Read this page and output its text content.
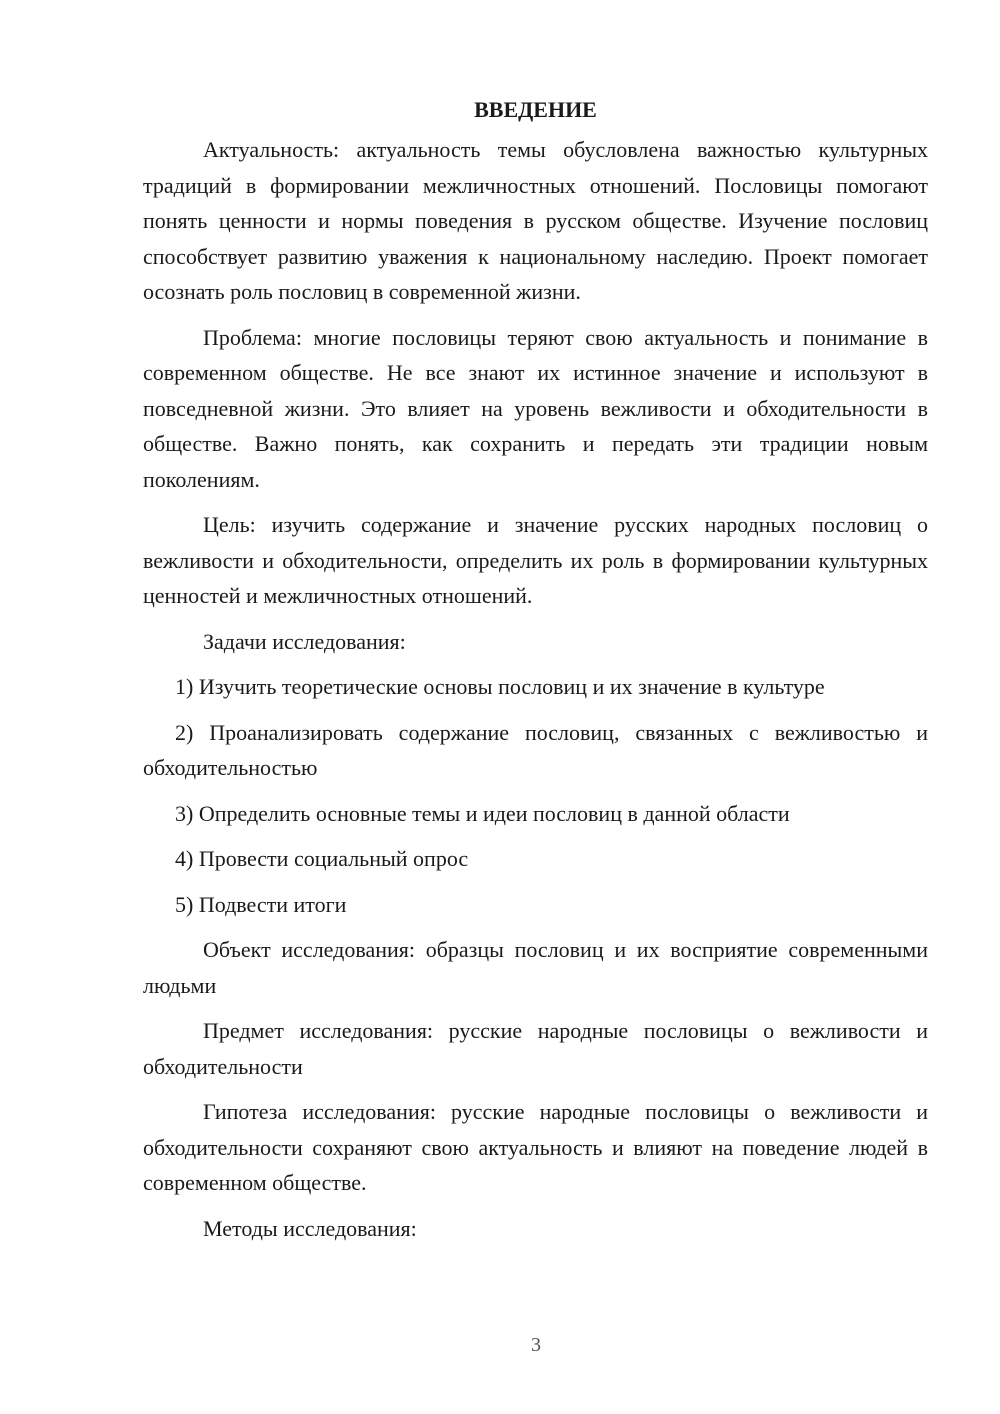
ВВЕДЕНИЕ

Актуальность: актуальность темы обусловлена важностью культурных традиций в формировании межличностных отношений. Пословицы помогают понять ценности и нормы поведения в русском обществе. Изучение пословиц способствует развитию уважения к национальному наследию. Проект помогает осознать роль пословиц в современной жизни.

Проблема: многие пословицы теряют свою актуальность и понимание в современном обществе. Не все знают их истинное значение и используют в повседневной жизни. Это влияет на уровень вежливости и обходительности в обществе. Важно понять, как сохранить и передать эти традиции новым поколениям.

Цель: изучить содержание и значение русских народных пословиц о вежливости и обходительности, определить их роль в формировании культурных ценностей и межличностных отношений.

Задачи исследования:

1) Изучить теоретические основы пословиц и их значение в культуре

2) Проанализировать содержание пословиц, связанных с вежливостью и обходительностью

3) Определить основные темы и идеи пословиц в данной области

4) Провести социальный опрос

5) Подвести итоги

Объект исследования: образцы пословиц и их восприятие современными людьми

Предмет исследования: русские народные пословицы о вежливости и обходительности

Гипотеза исследования: русские народные пословицы о вежливости и обходительности сохраняют свою актуальность и влияют на поведение людей в современном обществе.

Методы исследования:

3
